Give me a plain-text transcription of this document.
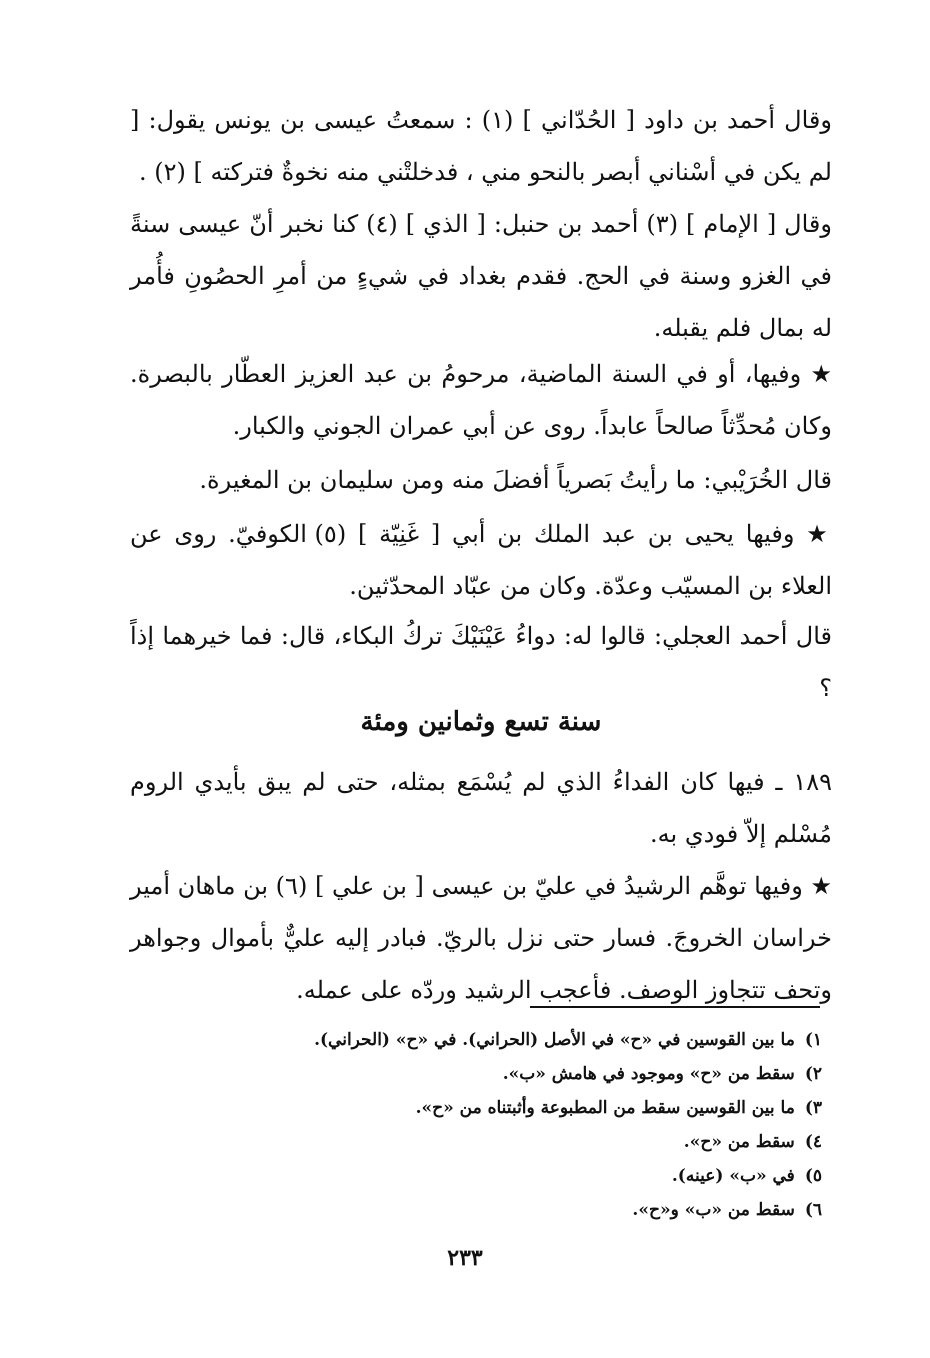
وقال أحمد بن داود [ الحُدّاني ] (١) : سمعتُ عيسى بن يونس يقول: [ لم يكن في أسْناني أبصر بالنحو مني ، فدخلتْني منه نخوةٌ فتركته ] (٢) .

وقال [ الإمام ] (٣) أحمد بن حنبل: [ الذي ] (٤) كنا نخبر أنّ عيسى سنةً في الغزو وسنة في الحج. فقدم بغداد في شيءٍ من أمرِ الحصُونِ فأُمر له بمال فلم يقبله.

★ وفيها، أو في السنة الماضية، مرحومُ بن عبد العزيز العطّار بالبصرة. وكان مُحدِّثاً صالحاً عابداً. روى عن أبي عمران الجوني والكبار.

قال الخُرَيْبي: ما رأيتُ بَصرياً أفضلَ منه ومن سليمان بن المغيرة.

★ وفيها يحيى بن عبد الملك بن أبي [ غَنِيّة ] (٥) الكوفيّ. روى عن العلاء بن المسيّب وعدّة. وكان من عبّاد المحدّثين.

قال أحمد العجلي: قالوا له: دواءُ عَيْنَيْكَ تركُ البكاء، قال: فما خيرهما إذاً ؟

سنة تسع وثمانين ومئة

١٨٩ ـ فيها كان الفداءُ الذي لم يُسْمَع بمثله، حتى لم يبق بأيدي الروم مُسْلم إلاّ فودي به.

★ وفيها توهَّم الرشيدُ في عليّ بن عيسى [ بن علي ] (٦) بن ماهان أمير خراسان الخروجَ. فسار حتى نزل بالريّ. فبادر إليه عليٌّ بأموال وجواهر وتحف تتجاوز الوصف. فأعجب الرشيد وردّه على عمله.

١)ما بين القوسين في «ح» في الأصل (الحراني). في «ح» (الحراني).
٢)سقط من «ح» وموجود في هامش «ب».
٣)ما بين القوسين سقط من المطبوعة وأثبتناه من «ح».
٤)سقط من «ح».
٥)في «ب» (عينه).
٦)سقط من «ب» و«ح».
٢٣٣
